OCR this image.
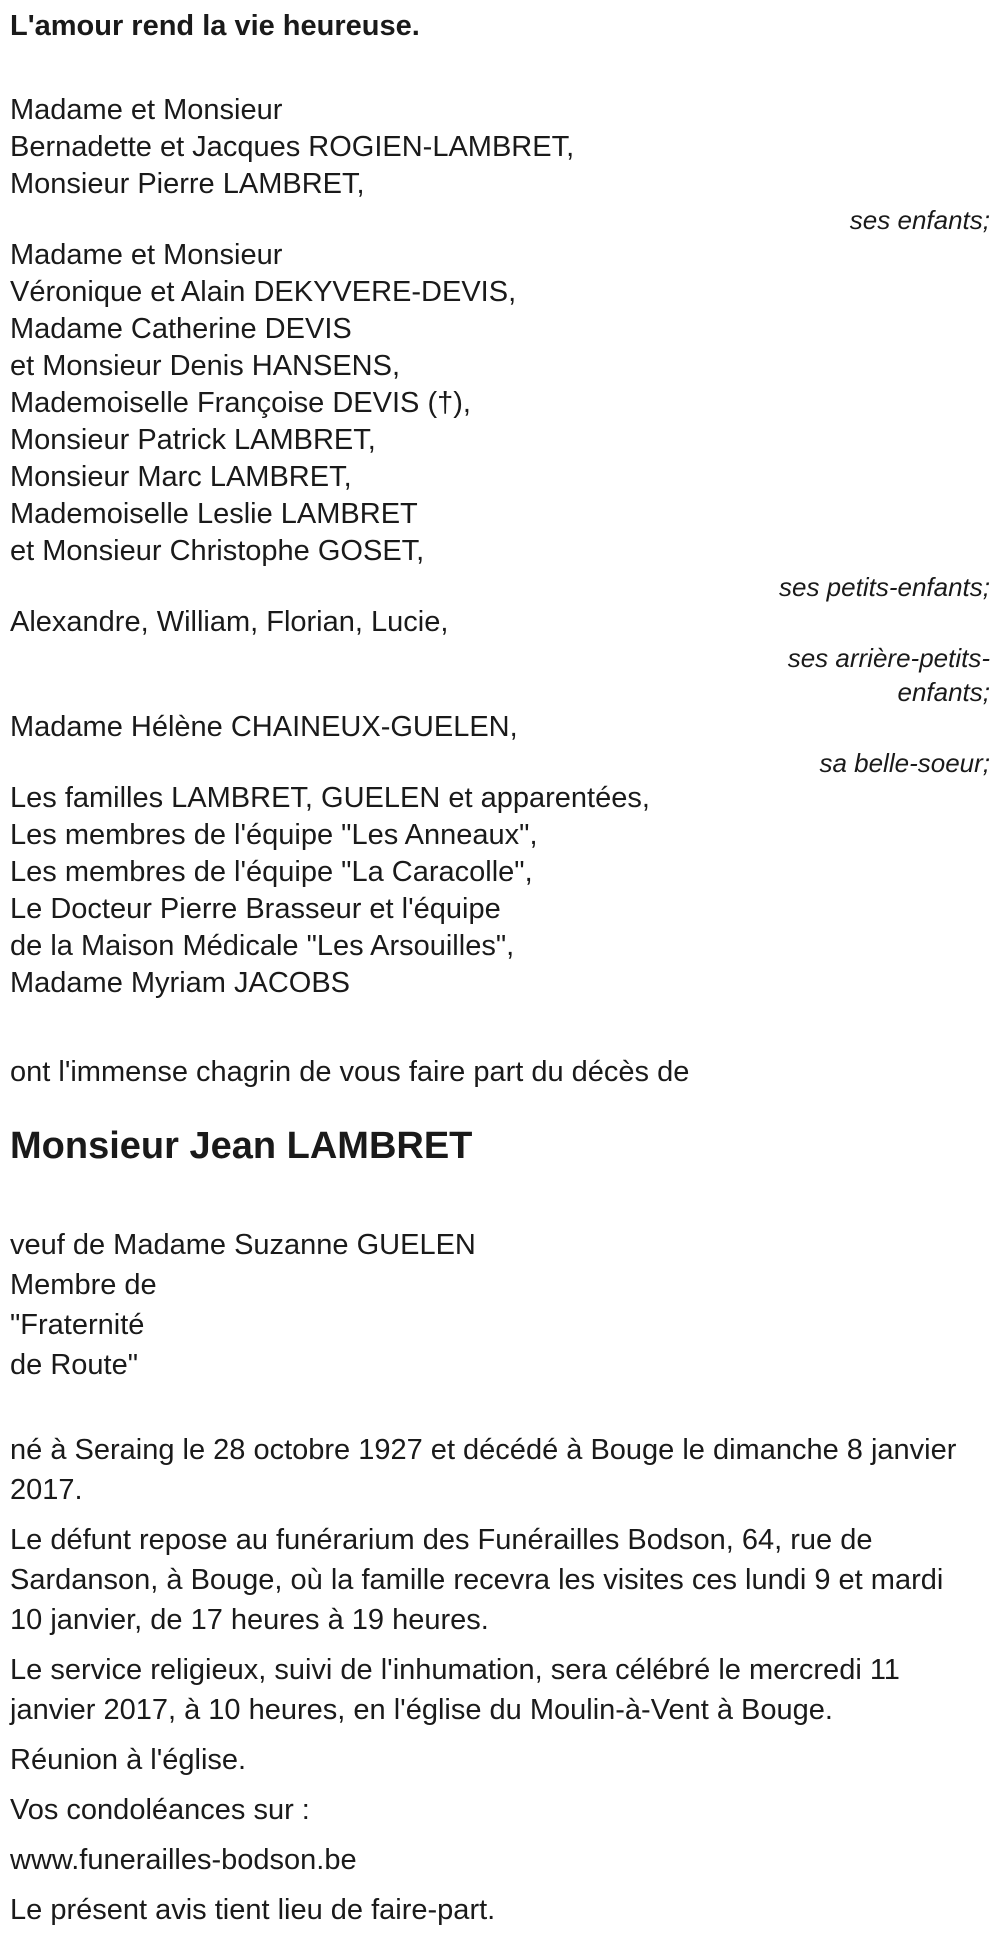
L'amour rend la vie heureuse.
Madame et Monsieur
Bernadette et Jacques ROGIEN-LAMBRET,
Monsieur Pierre LAMBRET,
ses enfants;
Madame et Monsieur
Véronique et Alain DEKYVERE-DEVIS,
Madame Catherine DEVIS
et Monsieur Denis HANSENS,
Mademoiselle Françoise DEVIS (†),
Monsieur Patrick LAMBRET,
Monsieur Marc LAMBRET,
Mademoiselle Leslie LAMBRET
et Monsieur Christophe GOSET,
ses petits-enfants;
Alexandre, William, Florian, Lucie,
ses arrière-petits-enfants;
Madame Hélène CHAINEUX-GUELEN,
sa belle-soeur;
Les familles LAMBRET, GUELEN et apparentées,
Les membres de l'équipe "Les Anneaux",
Les membres de l'équipe "La Caracolle",
Le Docteur Pierre Brasseur et l'équipe
de la Maison Médicale "Les Arsouilles",
Madame Myriam JACOBS

ont l'immense chagrin de vous faire part du décès de

Monsieur Jean LAMBRET
veuf de Madame Suzanne GUELEN
Membre de
"Fraternité
de Route"

né à Seraing le 28 octobre 1927 et décédé à Bouge le dimanche 8 janvier 2017.

Le défunt repose au funérarium des Funérailles Bodson, 64, rue de Sardanson, à Bouge, où la famille recevra les visites ces lundi 9 et mardi 10 janvier, de 17 heures à 19 heures.

Le service religieux, suivi de l'inhumation, sera célébré le mercredi 11 janvier 2017, à 10 heures, en l'église du Moulin-à-Vent à Bouge.

Réunion à l'église.

Vos condoléances sur :

www.funerailles-bodson.be

Le présent avis tient lieu de faire-part.
